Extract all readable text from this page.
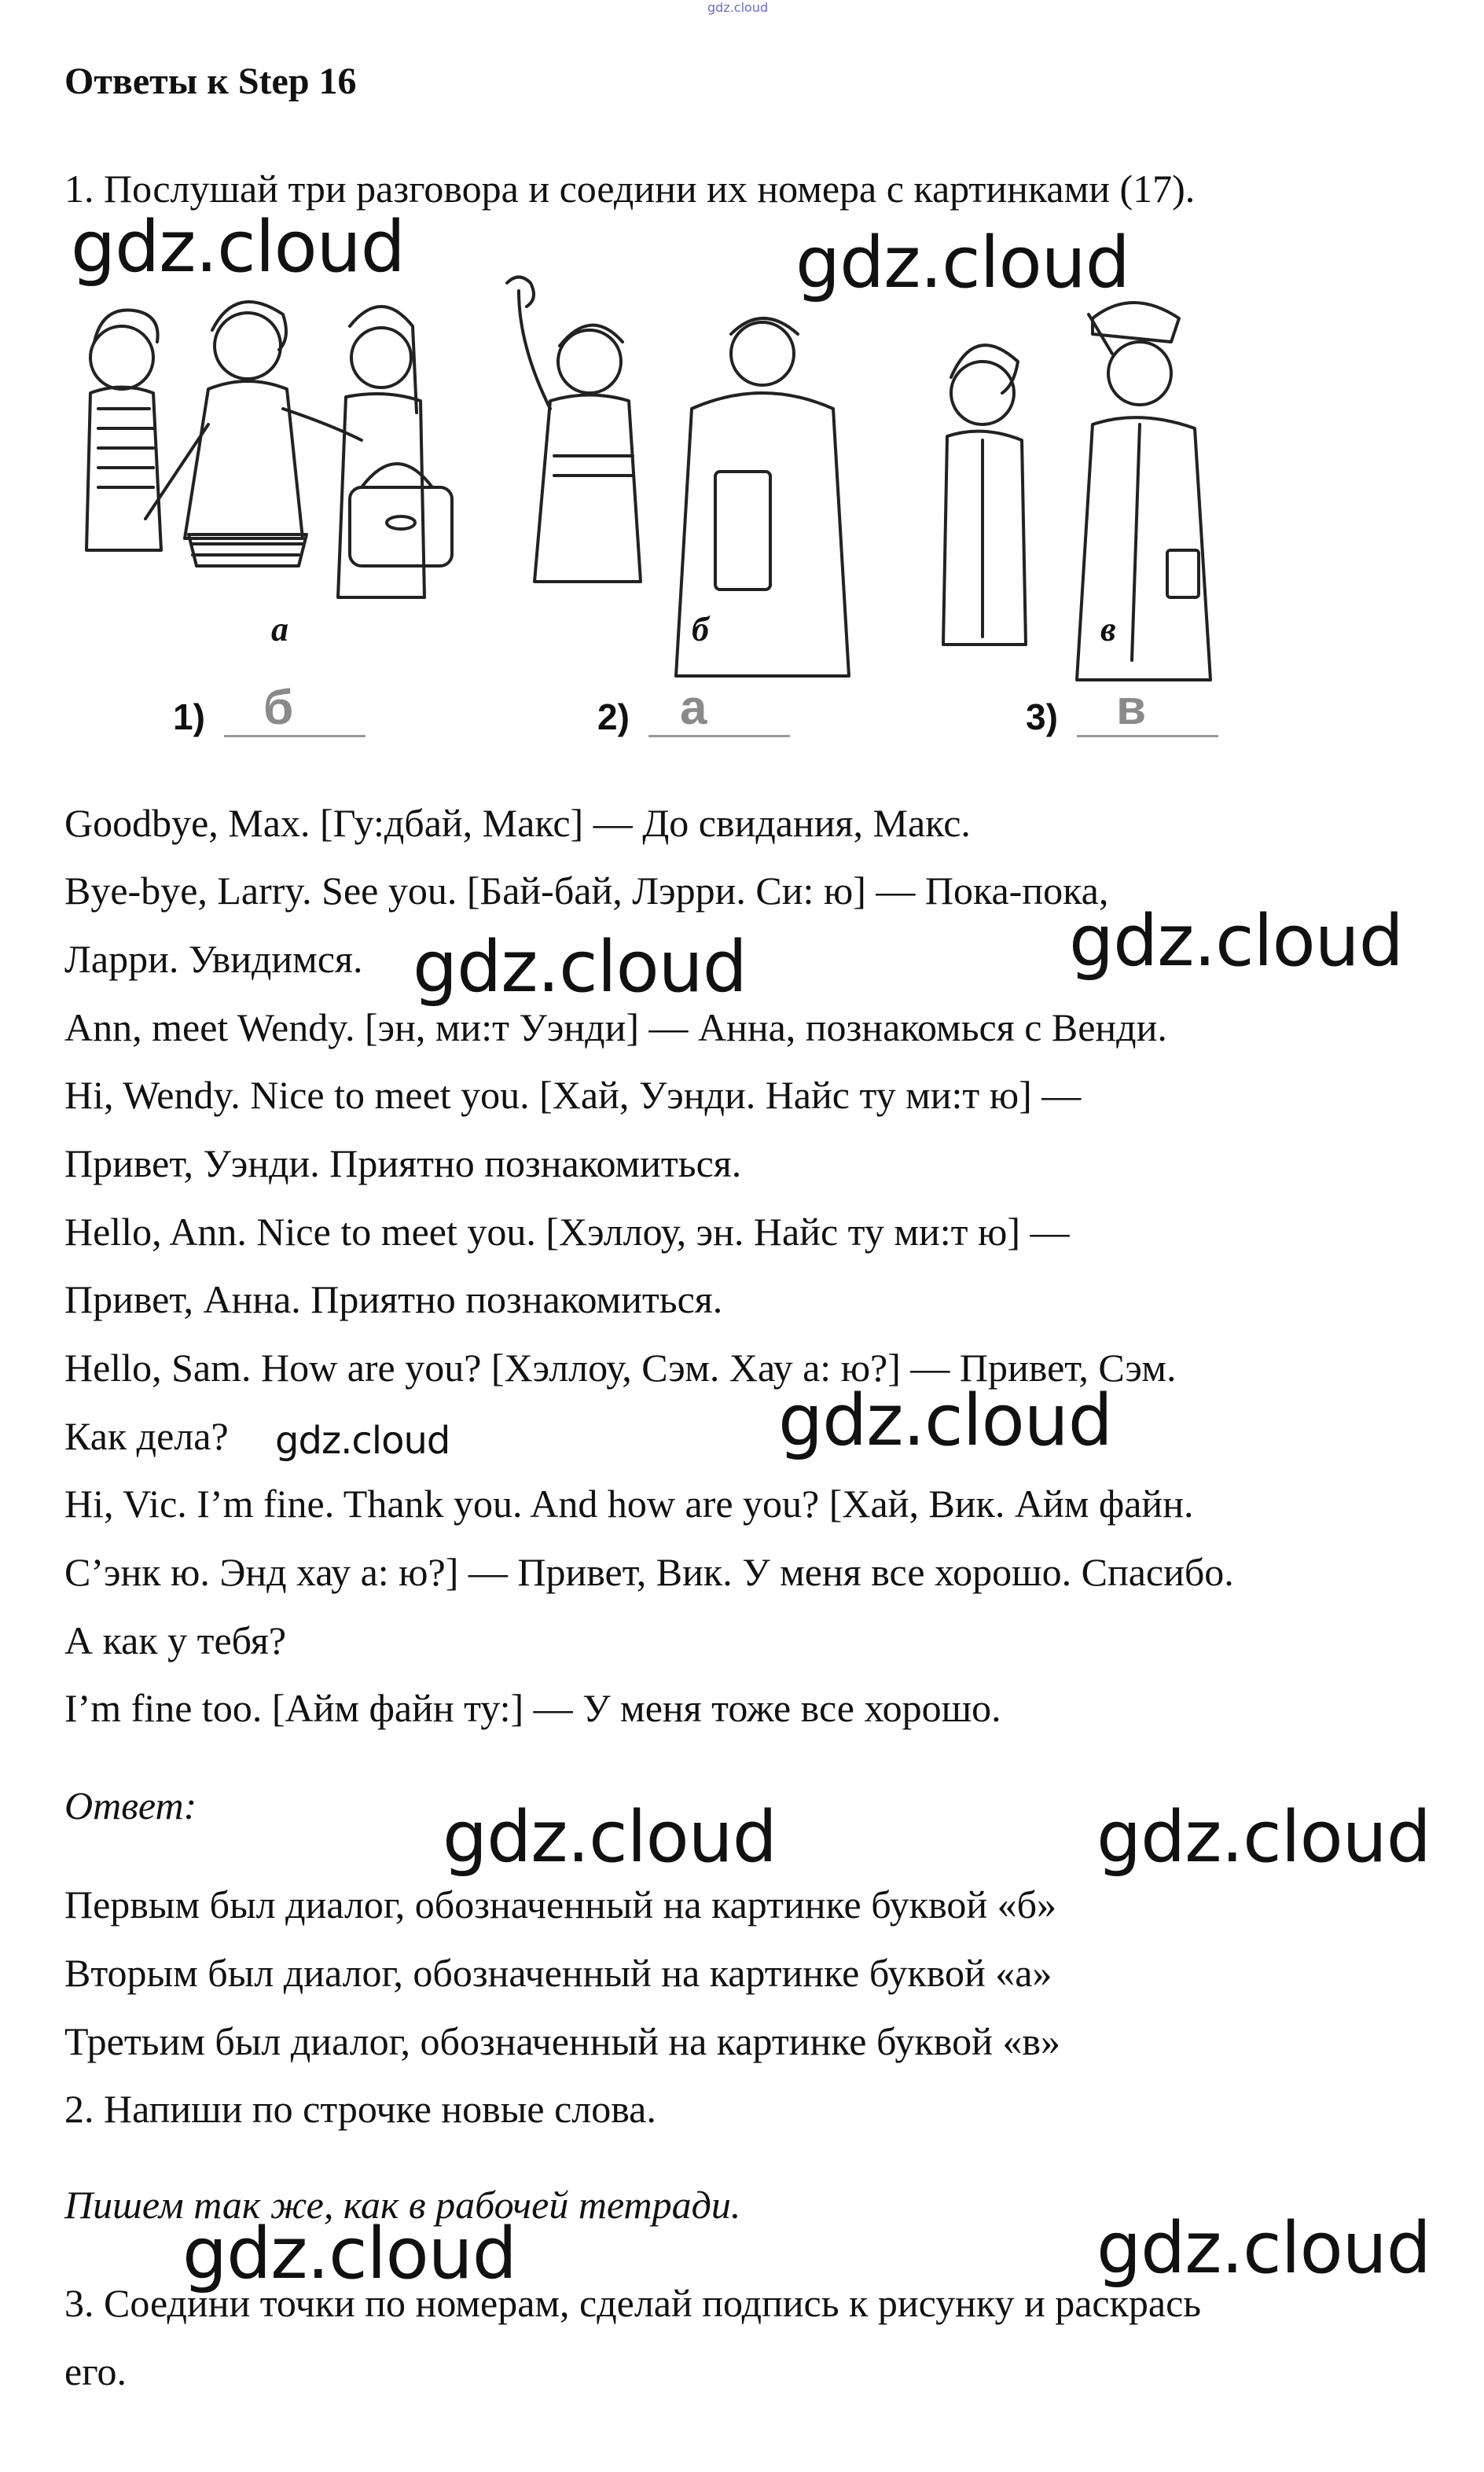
gdz.cloud
Ответы к Step 16
1. Послушай три разговора и соедини их номера с картинками (17).
а	б	в
1) б	2) а	3) в
Goodbye, Max. [Гу:дбай, Макс] — До свидания, Макс.
Bye-bye, Larry. See you. [Бай-бай, Лэрри. Си: ю] — Пока-пока,
Ларри. Увидимся.
Ann, meet Wendy. [эн, ми:т Уэнди] — Анна, познакомься с Венди.
Hi, Wendy. Nice to meet you. [Хай, Уэнди. Найс ту ми:т ю] —
Привет, Уэнди. Приятно познакомиться.
Hello, Ann. Nice to meet you. [Хэллоу, эн. Найс ту ми:т ю] —
Привет, Анна. Приятно познакомиться.
Hello, Sam. How are you? [Хэллоу, Сэм. Хау а: ю?] — Привет, Сэм.
Как дела?
Hi, Vic. I’m fine. Thank you. And how are you? [Хай, Вик. Айм файн.
С’энк ю. Энд хау а: ю?] — Привет, Вик. У меня все хорошо. Спасибо.
А как у тебя?
I’m fine too. [Айм файн ту:] — У меня тоже все хорошо.
Ответ:
Первым был диалог, обозначенный на картинке буквой «б»
Вторым был диалог, обозначенный на картинке буквой «а»
Третьим был диалог, обозначенный на картинке буквой «в»
2. Напиши по строчке новые слова.
Пишем так же, как в рабочей тетради.
3. Соедини точки по номерам, сделай подпись к рисунку и раскрась
его.
gdz.cloud	gdz.cloud
gdz.cloud
gdz.cloud
gdz.cloud	gdz.cloud
gdz.cloud	gdz.cloud
gdz.cloud	gdz.cloud
